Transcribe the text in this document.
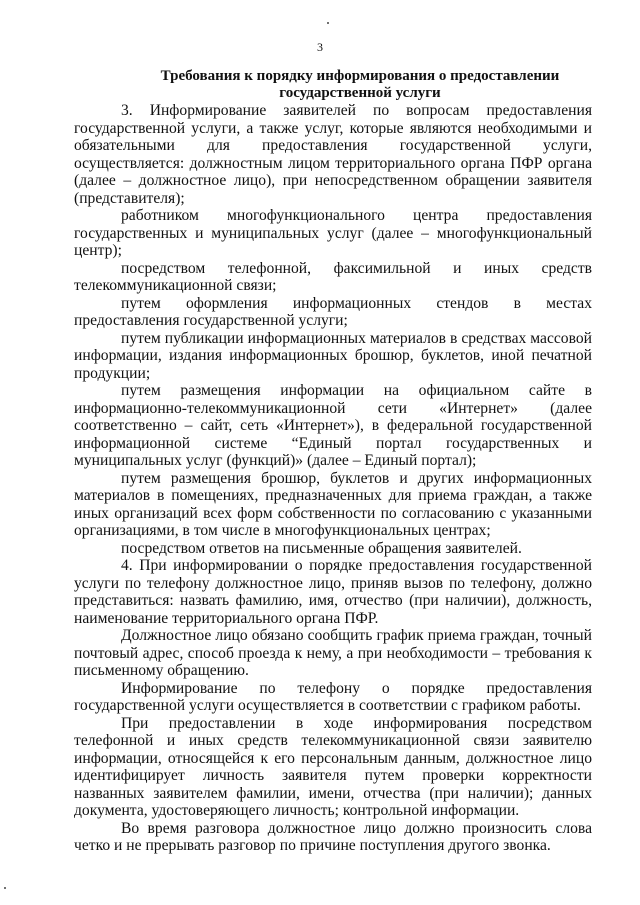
3
Требования к порядку информирования о предоставлении государственной услуги

3. Информирование заявителей по вопросам предоставления государственной услуги, а также услуг, которые являются необходимыми и обязательными для предоставления государственной услуги, осуществляется: должностным лицом территориального органа ПФР органа (далее – должностное лицо), при непосредственном обращении заявителя (представителя);

работником многофункционального центра предоставления государственных и муниципальных услуг (далее – многофункциональный центр);

посредством телефонной, факсимильной и иных средств телекоммуникационной связи;

путем оформления информационных стендов в местах предоставления государственной услуги;

путем публикации информационных материалов в средствах массовой информации, издания информационных брошюр, буклетов, иной печатной продукции;

путем размещения информации на официальном сайте в информационно-телекоммуникационной сети «Интернет» (далее соответственно – сайт, сеть «Интернет»), в федеральной государственной информационной системе “Единый портал государственных и муниципальных услуг (функций)» (далее – Единый портал);

путем размещения брошюр, буклетов и других информационных материалов в помещениях, предназначенных для приема граждан, а также иных организаций всех форм собственности по согласованию с указанными организациями, в том числе в многофункциональных центрах;

посредством ответов на письменные обращения заявителей.

4. При информировании о порядке предоставления государственной услуги по телефону должностное лицо, приняв вызов по телефону, должно представиться: назвать фамилию, имя, отчество (при наличии), должность, наименование территориального органа ПФР.

Должностное лицо обязано сообщить график приема граждан, точный почтовый адрес, способ проезда к нему, а при необходимости – требования к письменному обращению.

Информирование по телефону о порядке предоставления государственной услуги осуществляется в соответствии с графиком работы.

При предоставлении в ходе информирования посредством телефонной и иных средств телекоммуникационной связи заявителю информации, относящейся к его персональным данным, должностное лицо идентифицирует личность заявителя путем проверки корректности названных заявителем фамилии, имени, отчества (при наличии); данных документа, удостоверяющего личность; контрольной информации.

Во время разговора должностное лицо должно произносить слова четко и не прерывать разговор по причине поступления другого звонка.
